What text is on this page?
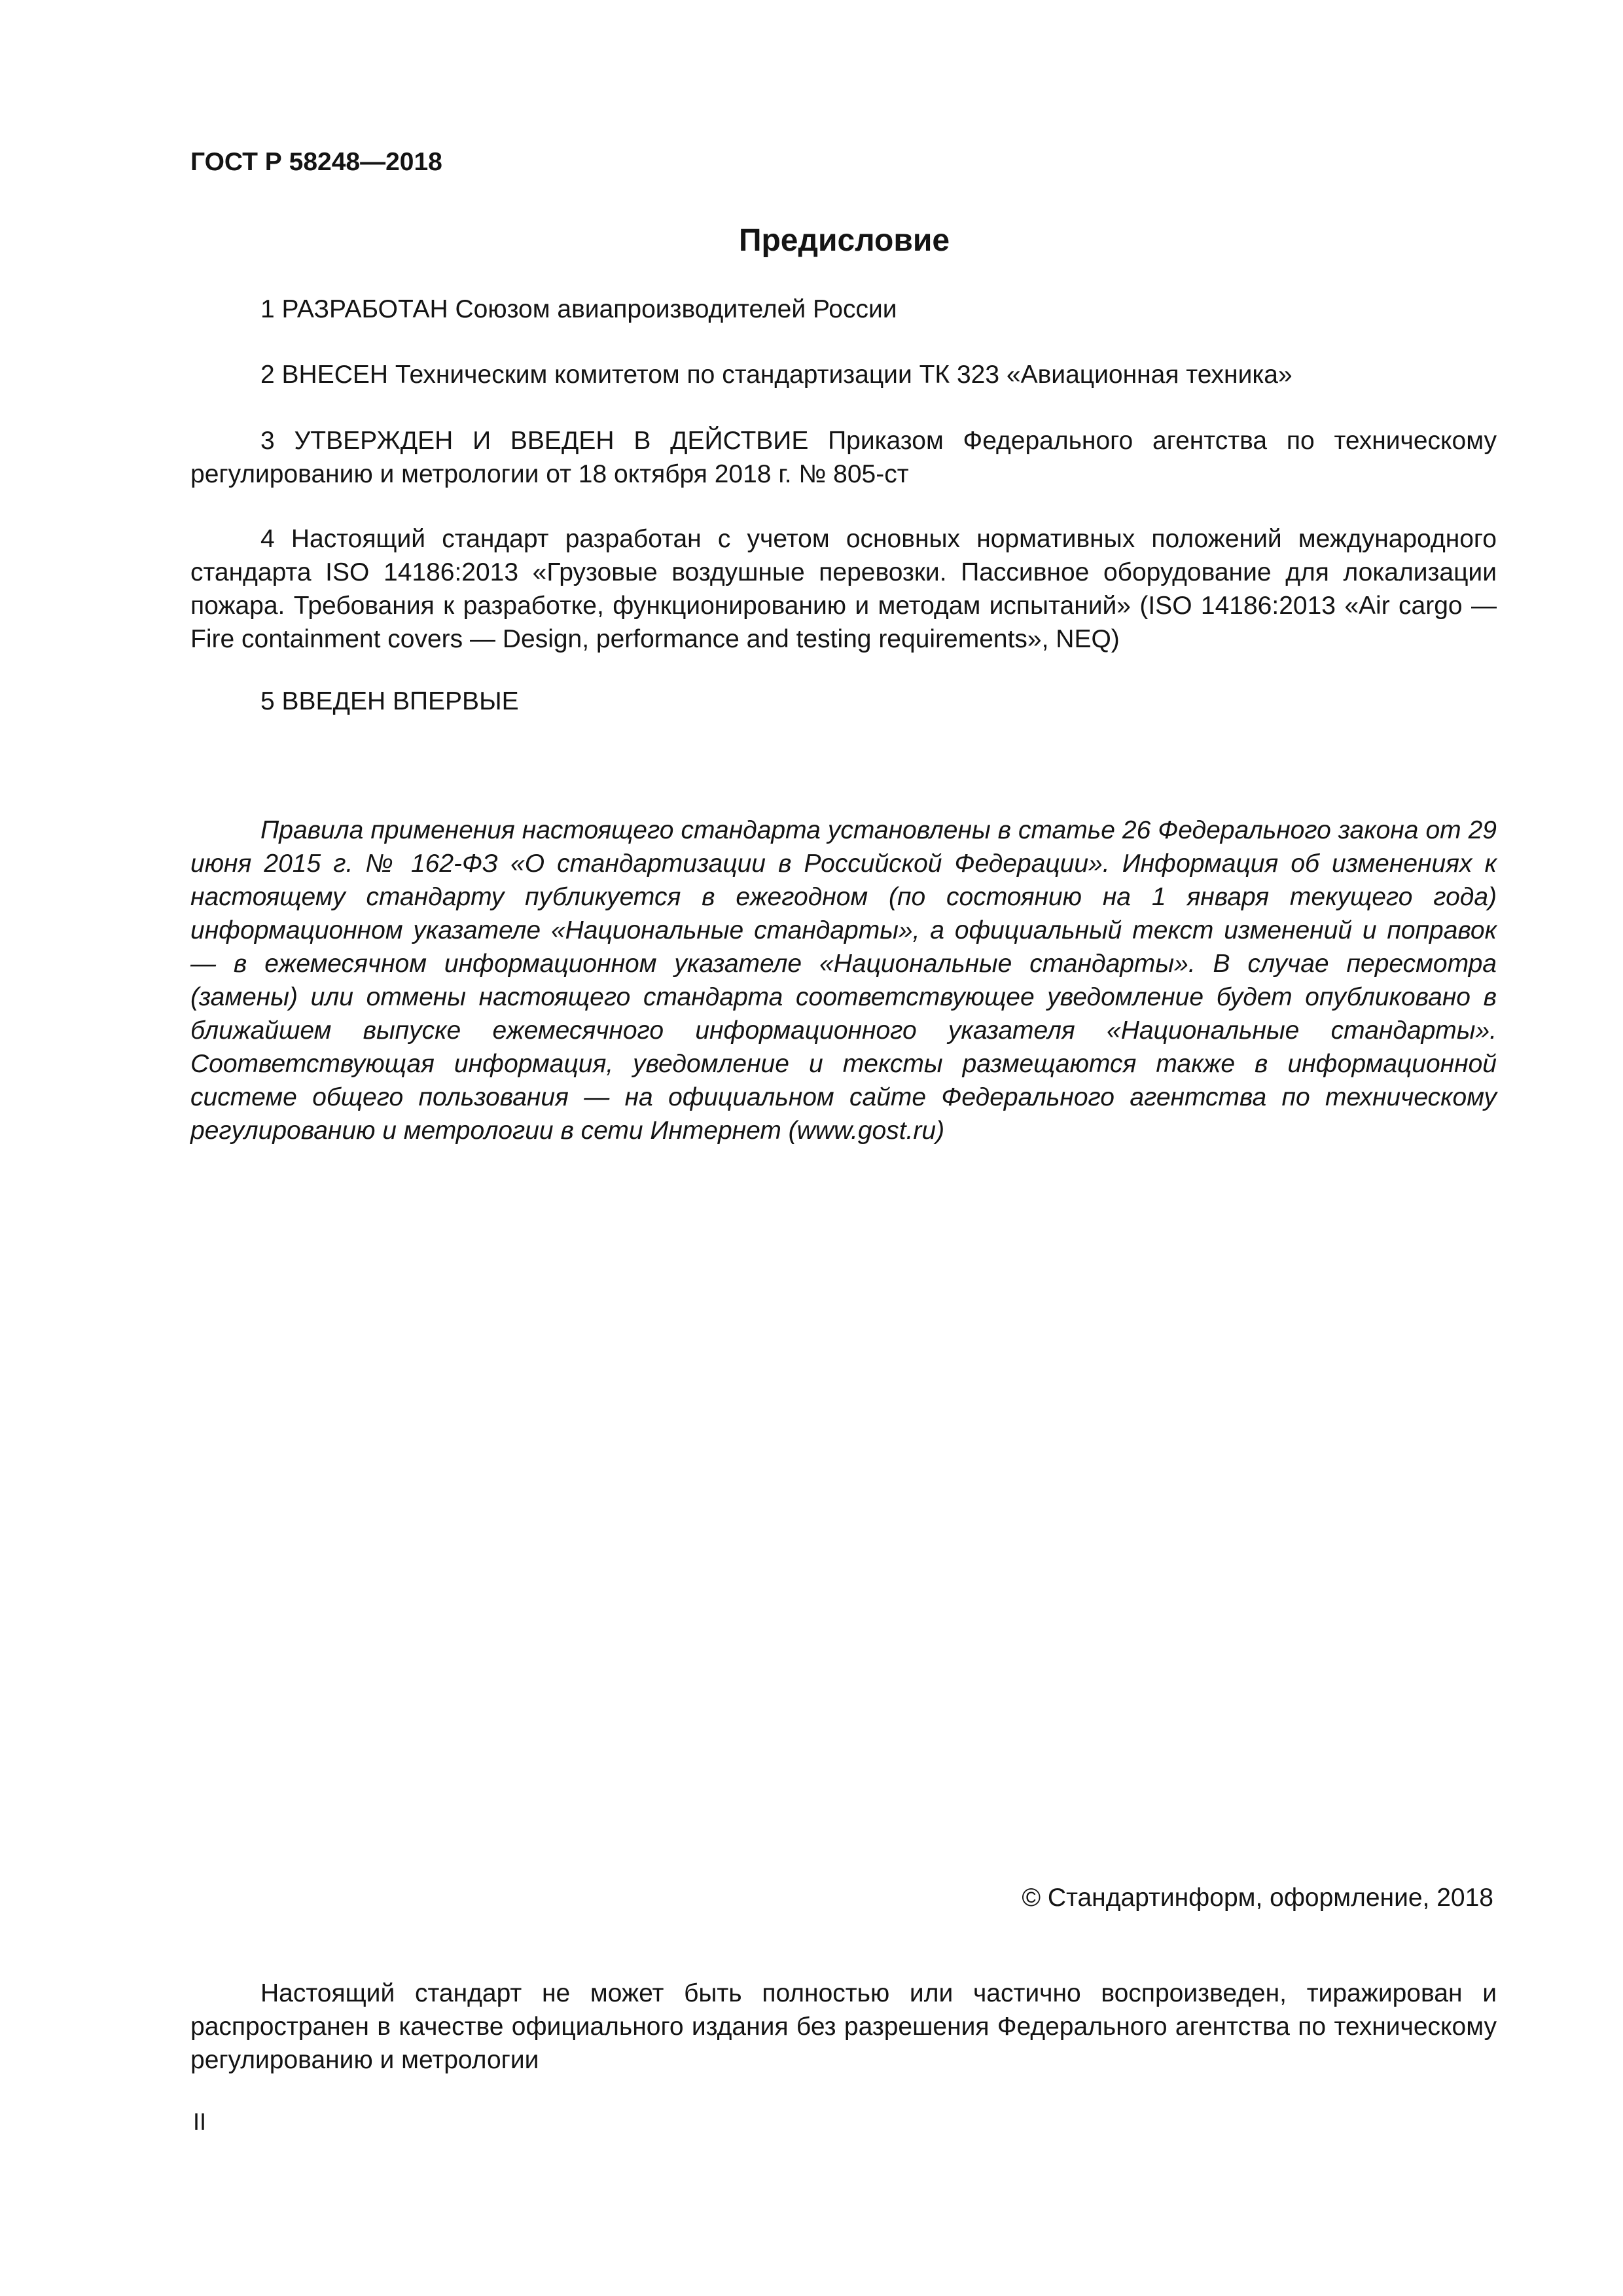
ГОСТ Р 58248—2018
Предисловие

1 РАЗРАБОТАН Союзом авиапроизводителей России

2 ВНЕСЕН Техническим комитетом по стандартизации ТК 323 «Авиационная техника»

3 УТВЕРЖДЕН И ВВЕДЕН В ДЕЙСТВИЕ Приказом Федерального агентства по техническому регулированию и метрологии от 18 октября 2018 г. № 805-ст

4 Настоящий стандарт разработан с учетом основных нормативных положений международного стандарта ISO 14186:2013 «Грузовые воздушные перевозки. Пассивное оборудование для локализации пожара. Требования к разработке, функционированию и методам испытаний» (ISO 14186:2013 «Air cargo — Fire containment covers — Design, performance and testing requirements», NEQ)

5 ВВЕДЕН ВПЕРВЫЕ

Правила применения настоящего стандарта установлены в статье 26 Федерального закона от 29 июня 2015 г. № 162-ФЗ «О стандартизации в Российской Федерации». Информация об изменениях к настоящему стандарту публикуется в ежегодном (по состоянию на 1 января текущего года) информационном указателе «Национальные стандарты», а официальный текст изменений и поправок — в ежемесячном информационном указателе «Национальные стандарты». В случае пересмотра (замены) или отмены настоящего стандарта соответствующее уведомление будет опубликовано в ближайшем выпуске ежемесячного информационного указателя «Национальные стандарты». Соответствующая информация, уведомление и тексты размещаются также в информационной системе общего пользования — на официальном сайте Федерального агентства по техническому регулированию и метрологии в сети Интернет (www.gost.ru)

© Стандартинформ, оформление, 2018

Настоящий стандарт не может быть полностью или частично воспроизведен, тиражирован и распространен в качестве официального издания без разрешения Федерального агентства по техническому регулированию и метрологии

II
